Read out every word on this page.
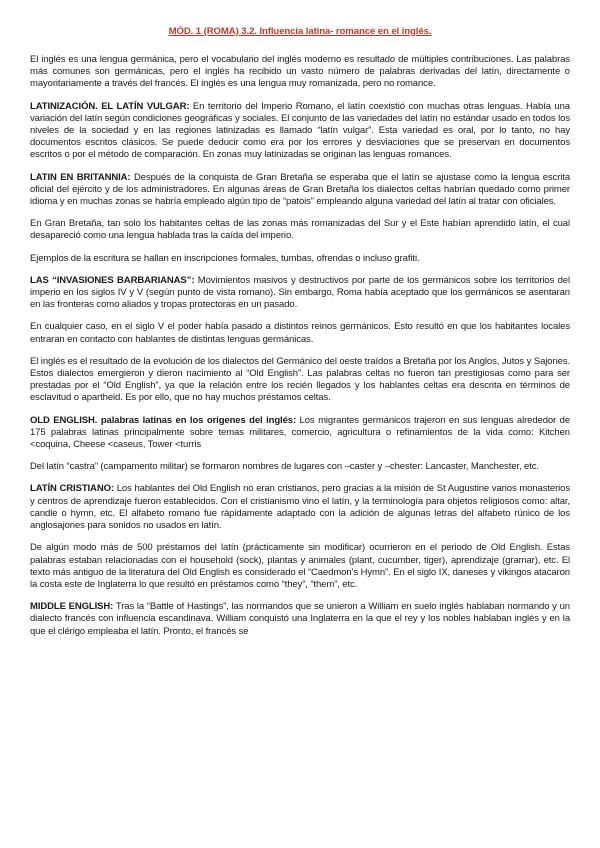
MÓD. 1 (ROMA) 3.2. Influencia latina- romance en el inglés.

El inglés es una lengua germánica, pero el vocabulario del inglés moderno es resultado de múltiples contribuciones. Las palabras más comunes son germánicas, pero el inglés ha recibido un vasto número de palabras derivadas del latín, directamente o mayoritariamente a través del francés. El inglés es una lengua muy romanizada, pero no romance.

LATINIZACIÓN. EL LATÍN VULGAR: En territorio del Imperio Romano, el latín coexistió con muchas otras lenguas. Había una variación del latín según condiciones geográficas y sociales. El conjunto de las variedades del latín no estándar usado en todos los niveles de la sociedad y en las regiones latinizadas es llamado “latín vulgar”. Esta variedad es oral, por lo tanto, no hay documentos escritos clásicos. Se puede deducir como era por los errores y desviaciones que se preservan en documentos escritos o por el método de comparación. En zonas muy latinizadas se originan las lenguas romances.

LATIN EN BRITANNIA: Después de la conquista de Gran Bretaña se esperaba que el latín se ajustase como la lengua escrita oficial del ejército y de los administradores. En algunas áreas de Gran Bretaña los dialectos celtas habrían quedado como primer idioma y en muchas zonas se habría empleado algún tipo de “patois” empleando alguna variedad del latín al tratar con oficiales.

En Gran Bretaña, tan solo los habitantes celtas de las zonas más romanizadas del Sur y el Este habían aprendido latín, el cual desapareció como una lengua hablada tras la caída del imperio.

Ejemplos de la escritura se hallan en inscripciones formales, tumbas, ofrendas o incluso grafiti.

LAS “INVASIONES BARBARIANAS”: Movimientos masivos y destructivos por parte de los germánicos sobre los territorios del imperio en los siglos IV y V (según punto de vista romano). Sin embargo, Roma había aceptado que los germánicos se asentaran en las fronteras como aliados y tropas protectoras en un pasado.

En cualquier caso, en el siglo V el poder había pasado a distintos reinos germánicos. Esto resultó en que los habitantes locales entraran en contacto con hablantes de distintas lenguas germánicas.

El inglés es el resultado de la evolución de los dialectos del Germánico del oeste traídos a Bretaña por los Anglos, Jutos y Sajones. Estos dialectos emergieron y dieron nacimiento al “Old English”. Las palabras celtas no fueron tan prestigiosas como para ser prestadas por el “Old English”, ya que la relación entre los recién llegados y los hablantes celtas era descrita en términos de esclavitud o apartheid. Es por ello, que no hay muchos préstamos celtas.

OLD ENGLISH. palabras latinas en los origenes del inglés: Los migrantes germánicos trajeron en sus lenguas alrededor de 175 palabras latinas principalmente sobre temas militares, comercio, agricultura o refinamientos de la vida como: Kitchen <coquina, Cheese <caseus, Tower <turris

Del latín “castra” (campamento militar) se formaron nombres de lugares con –caster y –chester: Lancaster, Manchester, etc.

LATÍN CRISTIANO: Los hablantes del Old English no eran cristianos, pero gracias a la misión de St Augustine varios monasterios y centros de aprendizaje fueron establecidos. Con el cristianismo vino el latín, y la terminología para objetos religiosos como: altar, candle o hymn, etc. El alfabeto romano fue rápidamente adaptado con la adición de algunas letras del alfabeto rúnico de los anglosajones para sonidos no usados en latín.

De algún modo más de 500 préstamos del latín (prácticamente sin modificar) ocurrieron en el periodo de Old English. Estas palabras estaban relacionadas con el household (sock), plantas y animales (plant, cucumber, tiger), aprendizaje (gramar), etc. El texto más antiguo de la literatura del Old English es considerado el “Caedmon’s Hymn”. En el siglo IX, daneses y vikingos atacaron la costa este de Inglaterra lo que resultó en préstamos como “they”, “them”, etc.

MIDDLE ENGLISH: Tras la “Battle of Hastings”, las normandos que se unieron a William en suelo inglés hablaban normando y un dialecto francés con influencia escandinava. William conquistó una Inglaterra en la que el rey y los nobles hablaban inglés y en la que el clérigo empleaba el latín. Pronto, el francés se
